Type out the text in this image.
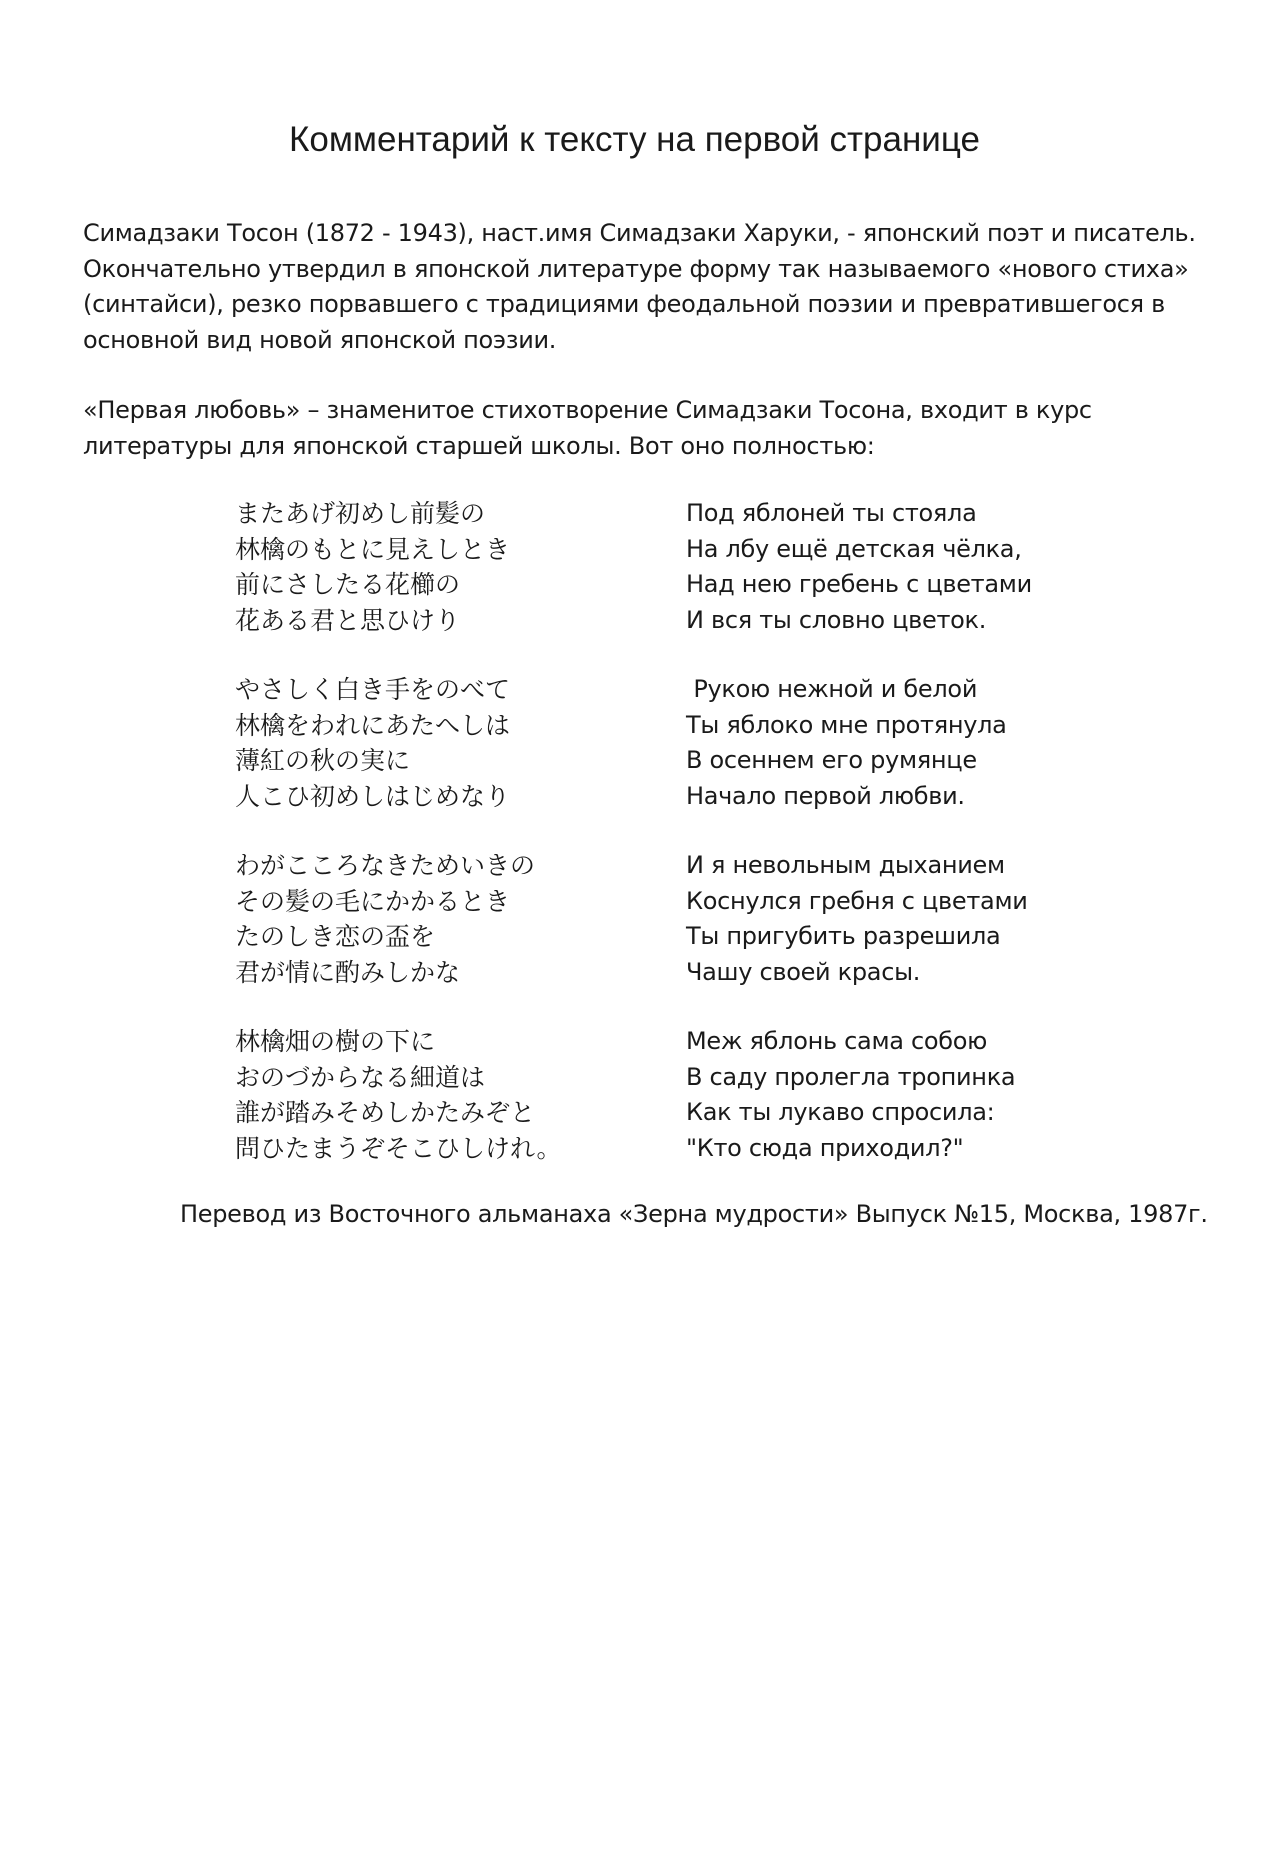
Комментарий к тексту на первой странице

Симадзаки Тосон (1872 - 1943), наст.имя Симадзаки Харуки, - японский поэт и писатель.
Окончательно утвердил в японской литературе форму так называемого «нового стиха»
(синтайси), резко порвавшего с традициями феодальной поэзии и превратившегося в
основной вид новой японской поэзии.

«Первая любовь» – знаменитое стихотворение Симадзаки Тосона, входит в курс
литературы для японской старшей школы. Вот оно полностью:

またあげ初めし前髪の
林檎のもとに見えしとき
前にさしたる花櫛の
花ある君と思ひけり
やさしく白き手をのべて
林檎をわれにあたへしは
薄紅の秋の実に
人こひ初めしはじめなり
わがこころなきためいきの
その髪の毛にかかるとき
たのしき恋の盃を
君が情に酌みしかな
林檎畑の樹の下に
おのづからなる細道は
誰が踏みそめしかたみぞと
問ひたまうぞそこひしけれ。
Под яблоней ты стояла
На лбу ещё детская чёлка,
Над нею гребень с цветами
И вся ты словно цветок.
Рукою нежной и белой
Ты яблоко мне протянула
В осеннем его румянце
Начало первой любви.
И я невольным дыханием
Коснулся гребня с цветами
Ты пригубить разрешила
Чашу своей красы.
Меж яблонь сама собою
В саду пролегла тропинка
Как ты лукаво спросила:
"Кто сюда приходил?"

Перевод из Восточного альманаха «Зерна мудрости» Выпуск №15, Москва, 1987г.
